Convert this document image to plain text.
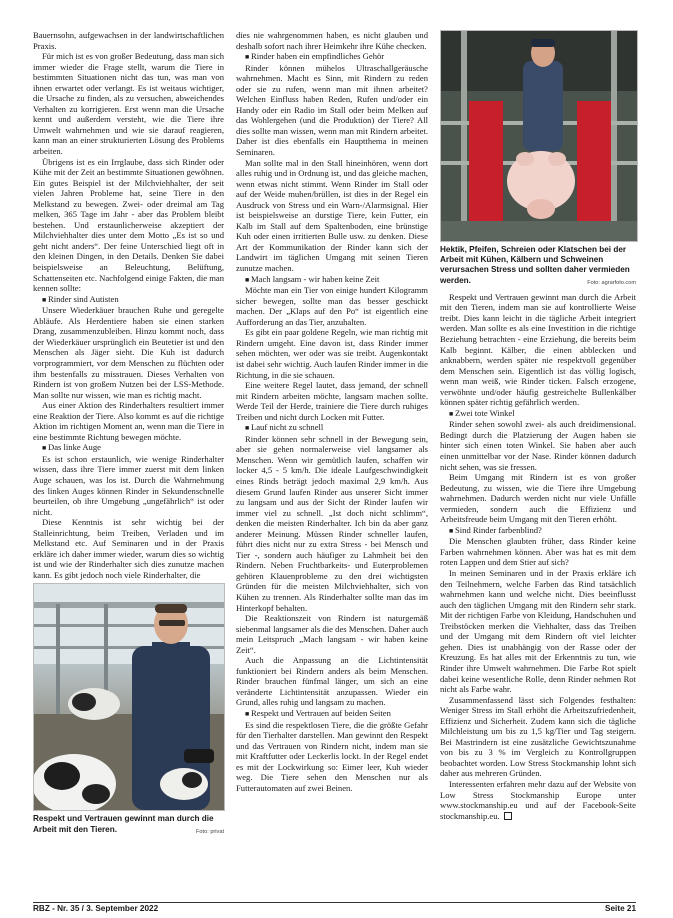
Bauernsohn, aufgewachsen in der landwirtschaftlichen Praxis.

Für mich ist es von großer Bedeutung, dass man sich immer wieder die Frage stellt, warum die Tiere in bestimmten Situationen nicht das tun, was man von ihnen erwartet oder verlangt. Es ist weitaus wichtiger, die Ursache zu finden, als zu versuchen, abweichendes Verhalten zu korrigieren. Erst wenn man die Ursache kennt und außerdem versteht, wie die Tiere ihre Umwelt wahrnehmen und wie sie darauf reagieren, kann man an einer strukturierten Lösung des Problems arbeiten.

Übrigens ist es ein Irrglaube, dass sich Rinder oder Kühe mit der Zeit an bestimmte Situationen gewöhnen. Ein gutes Beispiel ist der Milchviehhalter, der seit vielen Jahren Probleme hat, seine Tiere in den Melkstand zu bewegen. Zwei- oder dreimal am Tag melken, 365 Tage im Jahr - aber das Problem bleibt bestehen. Und erstaunlicherweise akzeptiert der Milchviehhalter dies unter dem Motto „Es ist so und geht nicht anders“. Der feine Unterschied liegt oft in den kleinen Dingen, in den Details. Denken Sie dabei beispielsweise an Beleuchtung, Belüftung, Schattenseiten etc. Nachfolgend einige Fakten, die man kennen sollte:

■ Rinder sind Autisten

Unsere Wiederkäuer brauchen Ruhe und geregelte Abläufe. Als Herdentiere haben sie einen starken Drang, zusammenzubleiben. Hinzu kommt noch, dass der Wiederkäuer ursprünglich ein Beutetier ist und den Menschen als Jäger sieht. Die Kuh ist dadurch vorprogrammiert, vor dem Menschen zu flüchten oder ihm bestenfalls zu misstrauen. Dieses Verhalten von Rindern ist von großem Nutzen bei der LSS-Methode. Man sollte nur wissen, wie man es richtig macht.

Aus einer Aktion des Rinderhalters resultiert immer eine Reaktion der Tiere. Also kommt es auf die richtige Aktion im richtigen Moment an, wenn man die Tiere in eine bestimmte Richtung bewegen möchte.

■ Das linke Auge

Es ist schon erstaunlich, wie wenige Rinderhalter wissen, dass ihre Tiere immer zuerst mit dem linken Auge schauen, was los ist. Durch die Wahrnehmung des linken Auges können Rinder in Sekundenschnelle beurteilen, ob ihre Umgebung „ungefährlich“ ist oder nicht.

Diese Kenntnis ist sehr wichtig bei der Stalleinrichtung, beim Treiben, Verladen und im Melkstand etc. Auf Seminaren und in der Praxis erkläre ich daher immer wieder, warum dies so wichtig ist und wie der Rinderhalter sich dies zunutze machen kann. Es gibt jedoch noch viele Rinderhalter, die

Respekt und Vertrauen gewinnt man durch die Arbeit mit den Tieren.	Foto: privat

dies nie wahrgenommen haben, es nicht glauben und deshalb sofort nach ihrer Heimkehr ihre Kühe checken.

■ Rinder haben ein empfindliches Gehör

Rinder können mühelos Ultraschallgeräusche wahrnehmen. Macht es Sinn, mit Rindern zu reden oder sie zu rufen, wenn man mit ihnen arbeitet? Welchen Einfluss haben Reden, Rufen und/oder ein Handy oder ein Radio im Stall oder beim Melken auf das Wohlergehen (und die Produktion) der Tiere? All dies sollte man wissen, wenn man mit Rindern arbeitet. Daher ist dies ebenfalls ein Hauptthema in meinen Seminaren.

Man sollte mal in den Stall hineinhören, wenn dort alles ruhig und in Ordnung ist, und das gleiche machen, wenn etwas nicht stimmt. Wenn Rinder im Stall oder auf der Weide muhen/brüllen, ist dies in der Regel ein Ausdruck von Stress und ein Warn-/Alarmsignal. Hier ist beispielsweise an durstige Tiere, kein Futter, ein Kalb im Stall auf dem Spaltenboden, eine brünstige Kuh oder einen irritierten Bulle usw. zu denken. Diese Art der Kommunikation der Rinder kann sich der Landwirt im täglichen Umgang mit seinen Tieren zunutze machen.

■ Mach langsam - wir haben keine Zeit

Möchte man ein Tier von einige hundert Kilogramm sicher bewegen, sollte man das besser geschickt machen. Der „Klaps auf den Po“ ist eigentlich eine Aufforderung an das Tier, anzuhalten.

Es gibt ein paar goldene Regeln, wie man richtig mit Rindern umgeht. Eine davon ist, dass Rinder immer sehen möchten, wer oder was sie treibt. Augenkontakt ist dabei sehr wichtig. Auch laufen Rinder immer in die Richtung, in die sie schauen.

Eine weitere Regel lautet, dass jemand, der schnell mit Rindern arbeiten möchte, langsam machen sollte. Werde Teil der Herde, trainiere die Tiere durch ruhiges Treiben und nicht durch Locken mit Futter.

■ Lauf nicht zu schnell

Rinder können sehr schnell in der Bewegung sein, aber sie gehen normalerweise viel langsamer als Menschen. Wenn wir gemütlich laufen, schaffen wir locker 4,5 - 5 km/h. Die ideale Laufgeschwindigkeit eines Rinds beträgt jedoch maximal 2,9 km/h. Aus diesem Grund laufen Rinder aus unserer Sicht immer zu langsam und aus der Sicht der Rinder laufen wir immer viel zu schnell. „Ist doch nicht schlimm“, denken die meisten Rinderhalter. Ich bin da aber ganz anderer Meinung. Müssen Rinder schneller laufen, führt dies nicht nur zu extra Stress - bei Mensch und Tier -, sondern auch häufiger zu Lahmheit bei den Rindern. Neben Fruchtbarkeits- und Euterproblemen gehören Klauenprobleme zu den drei wichtigsten Gründen für die meisten Milchviehhalter, sich von Kühen zu trennen. Als Rinderhalter sollte man das im Hinterkopf behalten.

Die Reaktionszeit von Rindern ist naturgemäß siebenmal langsamer als die des Menschen. Daher auch mein Leitspruch „Mach langsam - wir haben keine Zeit“.

Auch die Anpassung an die Lichtintensität funktioniert bei Rindern anders als beim Menschen. Rinder brauchen fünfmal länger, um sich an eine veränderte Lichtintensität anzupassen. Wieder ein Grund, alles ruhig und langsam zu machen.

■ Respekt und Vertrauen auf beiden Seiten

Es sind die respektlosen Tiere, die die größte Gefahr für den Tierhalter darstellen. Man gewinnt den Respekt und das Vertrauen von Rindern nicht, indem man sie mit Kraftfutter oder Leckerlis lockt. In der Regel endet es mit der Lockwirkung so: Eimer leer, Kuh wieder weg. Die Tiere sehen den Menschen nur als Futterautomaten auf zwei Beinen.

Hektik, Pfeifen, Schreien oder Klatschen bei der Arbeit mit Kühen, Kälbern und Schweinen verursachen Stress und sollten daher vermieden werden.	Foto: agrarfoto.com

Respekt und Vertrauen gewinnt man durch die Arbeit mit den Tieren, indem man sie auf kontrollierte Weise treibt. Dies kann leicht in die tägliche Arbeit integriert werden. Man sollte es als eine Investition in die richtige Beziehung betrachten - eine Erziehung, die bereits beim Kalb beginnt. Kälber, die einen abblecken und anknabbern, werden später nie respektvoll gegenüber dem Menschen sein. Eigentlich ist das völlig logisch, wenn man weiß, wie Rinder ticken. Falsch erzogene, verwöhnte und/oder häufig gestreichelte Bullenkälber können später richtig gefährlich werden.

■ Zwei tote Winkel

Rinder sehen sowohl zwei- als auch dreidimensional. Bedingt durch die Platzierung der Augen haben sie hinter sich einen toten Winkel. Sie haben aber auch einen unmittelbar vor der Nase. Rinder können dadurch nicht sehen, was sie fressen.

Beim Umgang mit Rindern ist es von großer Bedeutung, zu wissen, wie die Tiere ihre Umgebung wahrnehmen. Dadurch werden nicht nur viele Unfälle vermieden, sondern auch die Effizienz und Arbeitsfreude beim Umgang mit den Tieren erhöht.

■ Sind Rinder farbenblind?

Die Menschen glaubten früher, dass Rinder keine Farben wahrnehmen können. Aber was hat es mit dem roten Lappen und dem Stier auf sich?

In meinen Seminaren und in der Praxis erkläre ich den Teilnehmern, welche Farben das Rind tatsächlich wahrnehmen kann und welche nicht. Dies beeinflusst auch den täglichen Umgang mit den Rindern sehr stark. Mit der richtigen Farbe von Kleidung, Handschuhen und Treibstöcken merken die Viehhalter, dass das Treiben und der Umgang mit dem Rindern oft viel leichter gehen. Dies ist unabhängig von der Rasse oder der Kreuzung. Es hat alles mit der Erkenntnis zu tun, wie Rinder ihre Umwelt wahrnehmen. Die Farbe Rot spielt dabei keine wesentliche Rolle, denn Rinder nehmen Rot nicht als Farbe wahr.

Zusammenfassend lässt sich Folgendes festhalten: Weniger Stress im Stall erhöht die Arbeitszufriedenheit, Effizienz und Sicherheit. Zudem kann sich die tägliche Milchleistung um bis zu 1,5 kg/Tier und Tag steigern. Bei Mastrindern ist eine zusätzliche Gewichtszunahme von bis zu 3 % im Vergleich zu Kontrollgruppen beobachtet worden. Low Stress Stockmanship lohnt sich daher aus mehreren Gründen.

Interessenten erfahren mehr dazu auf der Website von Low Stress Stockmanship Europe unter www.stockmanship.eu und auf der Facebook-Seite stockmanship.eu.

RBZ - Nr. 35 / 3. September 2022	Seite 21
